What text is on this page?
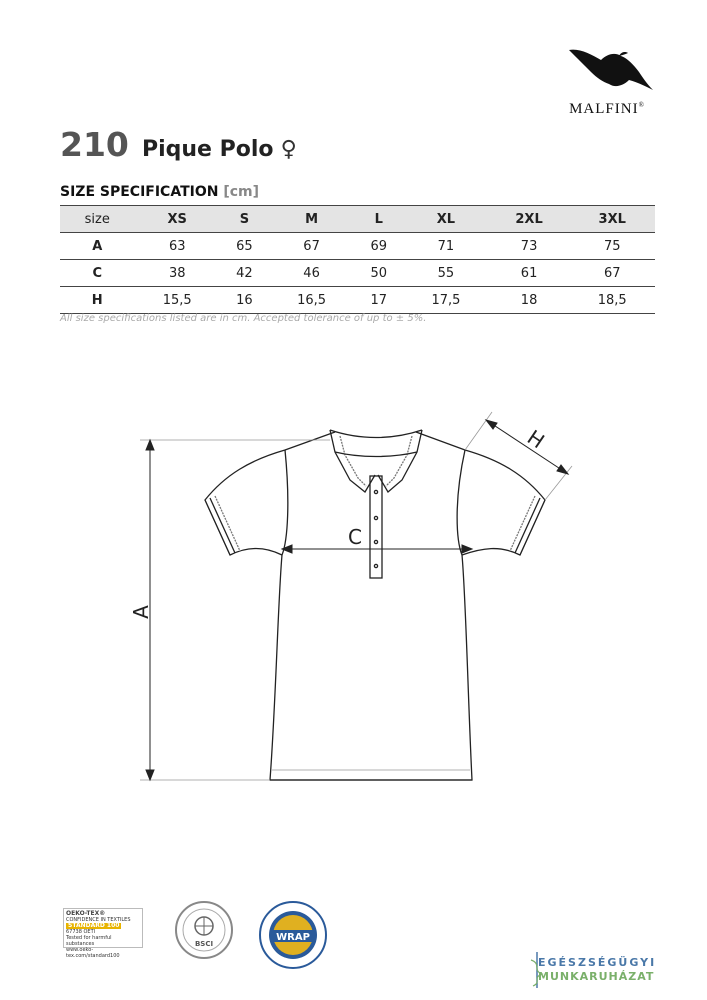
MALFINI®
210 Pique Polo ♀
SIZE SPECIFICATION [cm]
size	XS	S	M	L	XL	2XL	3XL
A	63	65	67	69	71	73	75
C	38	42	46	50	55	61	67
H	15,5	16	16,5	17	17,5	18	18,5
All size specifications listed are in cm. Accepted tolerance of up to ± 5%.
A
C
H
OEKO-TEX®
CONFIDENCE IN TEXTILES
STANDARD 100
67738 OETI
Tested for harmful substances
www.oeko-tex.com/standard100
BSCI
WRAP
EGÉSZSÉGÜGYI
MUNKARUHÁZAT
